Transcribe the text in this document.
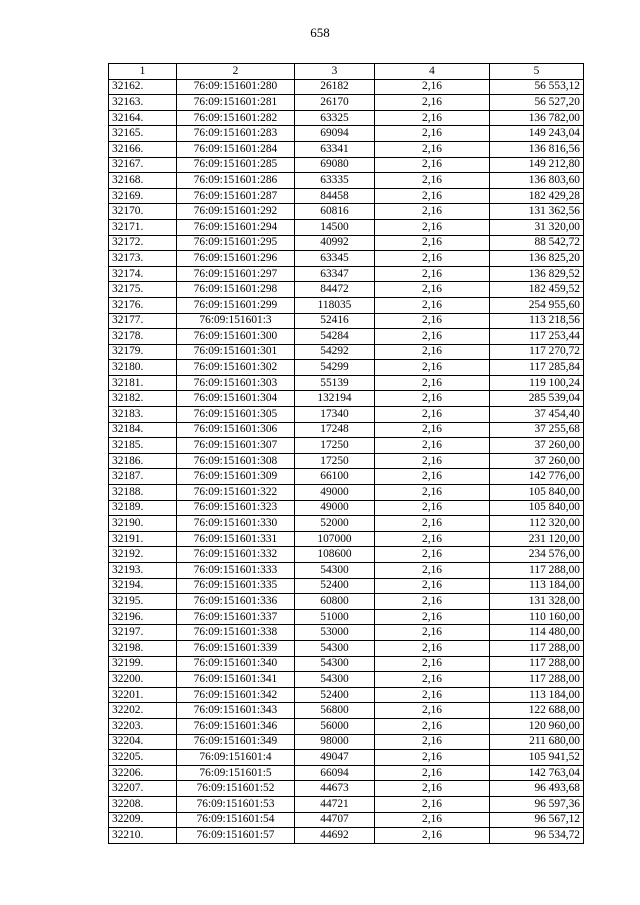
658
1	2	3	4	5
32162.	76:09:151601:280	26182	2,16	56 553,12
32163.	76:09:151601:281	26170	2,16	56 527,20
32164.	76:09:151601:282	63325	2,16	136 782,00
32165.	76:09:151601:283	69094	2,16	149 243,04
32166.	76:09:151601:284	63341	2,16	136 816,56
32167.	76:09:151601:285	69080	2,16	149 212,80
32168.	76:09:151601:286	63335	2,16	136 803,60
32169.	76:09:151601:287	84458	2,16	182 429,28
32170.	76:09:151601:292	60816	2,16	131 362,56
32171.	76:09:151601:294	14500	2,16	31 320,00
32172.	76:09:151601:295	40992	2,16	88 542,72
32173.	76:09:151601:296	63345	2,16	136 825,20
32174.	76:09:151601:297	63347	2,16	136 829,52
32175.	76:09:151601:298	84472	2,16	182 459,52
32176.	76:09:151601:299	118035	2,16	254 955,60
32177.	76:09:151601:3	52416	2,16	113 218,56
32178.	76:09:151601:300	54284	2,16	117 253,44
32179.	76:09:151601:301	54292	2,16	117 270,72
32180.	76:09:151601:302	54299	2,16	117 285,84
32181.	76:09:151601:303	55139	2,16	119 100,24
32182.	76:09:151601:304	132194	2,16	285 539,04
32183.	76:09:151601:305	17340	2,16	37 454,40
32184.	76:09:151601:306	17248	2,16	37 255,68
32185.	76:09:151601:307	17250	2,16	37 260,00
32186.	76:09:151601:308	17250	2,16	37 260,00
32187.	76:09:151601:309	66100	2,16	142 776,00
32188.	76:09:151601:322	49000	2,16	105 840,00
32189.	76:09:151601:323	49000	2,16	105 840,00
32190.	76:09:151601:330	52000	2,16	112 320,00
32191.	76:09:151601:331	107000	2,16	231 120,00
32192.	76:09:151601:332	108600	2,16	234 576,00
32193.	76:09:151601:333	54300	2,16	117 288,00
32194.	76:09:151601:335	52400	2,16	113 184,00
32195.	76:09:151601:336	60800	2,16	131 328,00
32196.	76:09:151601:337	51000	2,16	110 160,00
32197.	76:09:151601:338	53000	2,16	114 480,00
32198.	76:09:151601:339	54300	2,16	117 288,00
32199.	76:09:151601:340	54300	2,16	117 288,00
32200.	76:09:151601:341	54300	2,16	117 288,00
32201.	76:09:151601:342	52400	2,16	113 184,00
32202.	76:09:151601:343	56800	2,16	122 688,00
32203.	76:09:151601:346	56000	2,16	120 960,00
32204.	76:09:151601:349	98000	2,16	211 680,00
32205.	76:09:151601:4	49047	2,16	105 941,52
32206.	76:09:151601:5	66094	2,16	142 763,04
32207.	76:09:151601:52	44673	2,16	96 493,68
32208.	76:09:151601:53	44721	2,16	96 597,36
32209.	76:09:151601:54	44707	2,16	96 567,12
32210.	76:09:151601:57	44692	2,16	96 534,72
